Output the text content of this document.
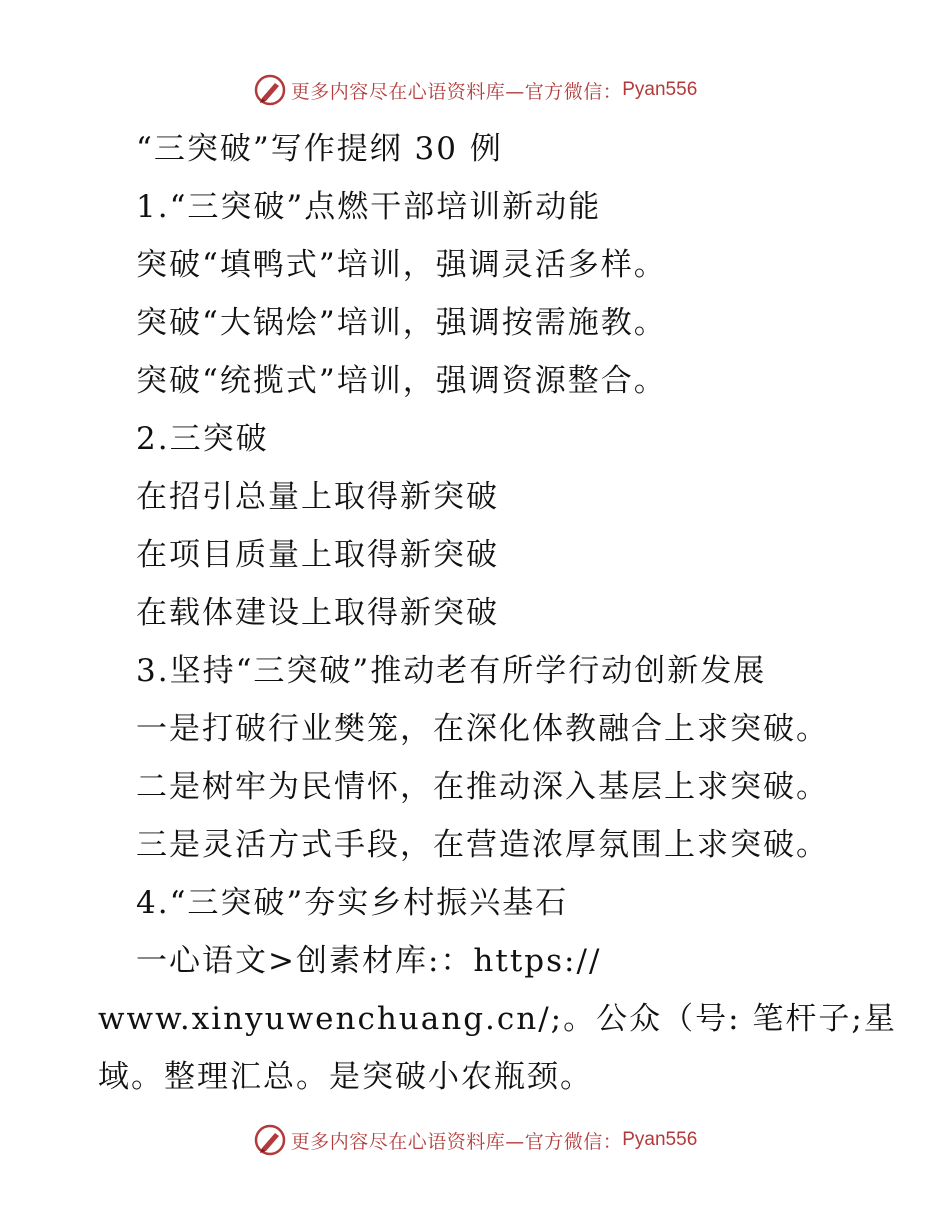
更多内容尽在心语资料库—官方微信： Pyan556
“三突破”写作提纲 30 例
1.“三突破”点燃干部培训新动能
突破“填鸭式”培训，强调灵活多样。
突破“大锅烩”培训，强调按需施教。
突破“统揽式”培训，强调资源整合。
2.三突破
在招引总量上取得新突破
在项目质量上取得新突破
在载体建设上取得新突破
3.坚持“三突破”推动老有所学行动创新发展
一是打破行业樊笼，在深化体教融合上求突破。
二是树牢为民情怀，在推动深入基层上求突破。
三是灵活方式手段，在营造浓厚氛围上求突破。
4.“三突破”夯实乡村振兴基石
一心语文>创素材库:：https://
www.xinyuwenchuang.cn/;。公众（号: 笔杆子;星
域。整理汇总。是突破小农瓶颈。
更多内容尽在心语资料库—官方微信： Pyan556
